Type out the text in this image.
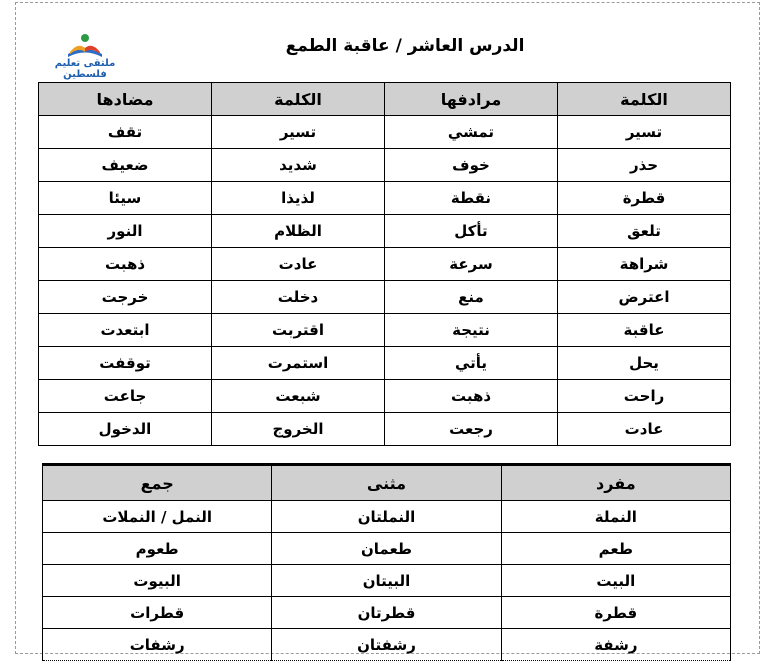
ملتقى تعليم فلسطين
الدرس العاشر / عاقبة الطمع
الكلمة	مرادفها	الكلمة	مضادها
تسير	تمشي	تسير	تقف
حذر	خوف	شديد	ضعيف
قطرة	نقطة	لذيذا	سيئا
تلعق	تأكل	الظلام	النور
شراهة	سرعة	عادت	ذهبت
اعترض	منع	دخلت	خرجت
عاقبة	نتيجة	اقتربت	ابتعدت
يحل	يأتي	استمرت	توقفت
راحت	ذهبت	شبعت	جاعت
عادت	رجعت	الخروج	الدخول
مفرد	مثنى	جمع
النملة	النملتان	النمل / النملات
طعم	طعمان	طعوم
البيت	البيتان	البيوت
قطرة	قطرتان	قطرات
رشفة	رشفتان	رشفات
